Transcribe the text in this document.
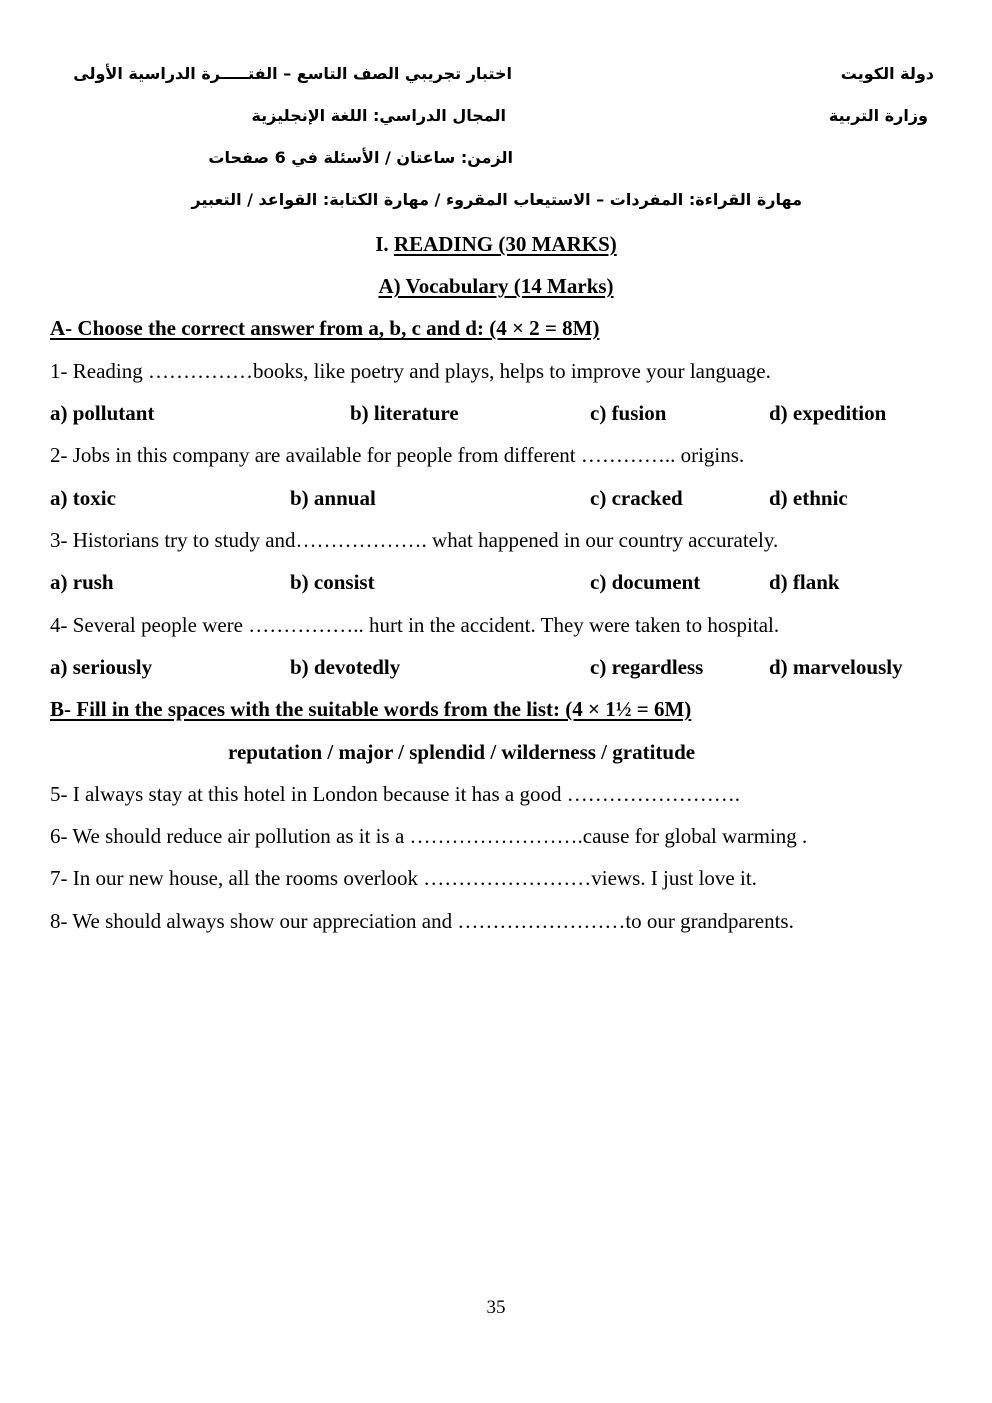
دولة الكويت
وزارة التربية
اختبار تجريبي الصف التاسع – الفتـــــرة الدراسية الأولى
المجال الدراسي: اللغة الإنجليزية
الزمن: ساعتان / الأسئلة في 6 صفحات
مهارة القراءة: المفردات – الاستيعاب المقروء / مهارة الكتابة: القواعد / التعبير
I. READING (30 MARKS)
A) Vocabulary (14 Marks)
A- Choose the correct answer from a, b, c and d: (4 × 2 = 8M)
1- Reading ……………books, like poetry and plays, helps to improve your language.
a) pollutant	b) literature	c) fusion	d) expedition
2- Jobs in this company are available for people from different ………….. origins.
a) toxic	b) annual	c) cracked	d) ethnic
3- Historians try to study and………………. what happened in our country accurately.
a) rush	b) consist	c) document	d) flank
4- Several people were …………….. hurt in the accident. They were taken to hospital.
a) seriously	b) devotedly	c) regardless	d) marvelously
B- Fill in the spaces with the suitable words from the list: (4 × 1½ = 6M)
reputation / major / splendid / wilderness / gratitude
5- I always stay at this hotel in London because it has a good …………………….
6- We should reduce air pollution as it is a …………………….cause for global warming .
7- In our new house, all the rooms overlook ……………………views. I just love it.
8- We should always show our appreciation and ……………………to our grandparents.
35
